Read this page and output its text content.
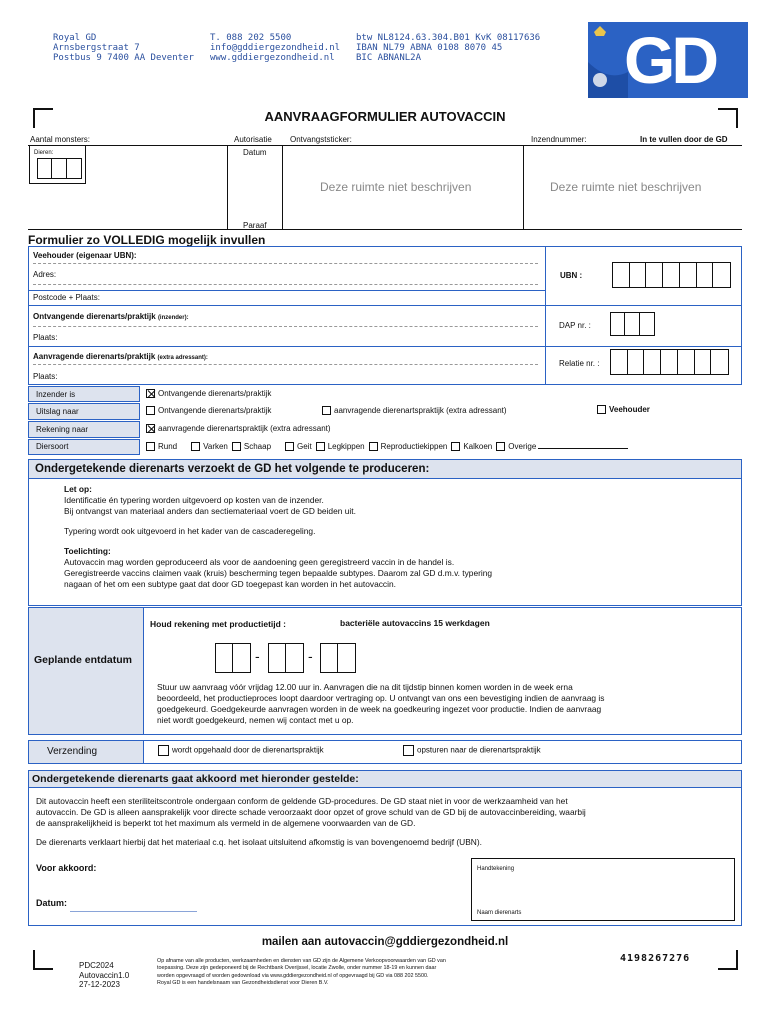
Royal GD
Arnsbergstraat 7
Postbus 9 7400 AA Deventer
T. 088 202 5500
info@gddiergezondheid.nl
www.gddiergezondheid.nl
btw NL8124.63.304.B01 KvK 08117636
IBAN NL79 ABNA 0108 8070 45
BIC ABNANL2A	GD
AANVRAAGFORMULIER AUTOVACCIN
Aantal monsters:	Autorisatie Ontvangststicker:	Inzendnummer:	In te vullen door de GD
Dieren:	Datum
Paraaf
Deze ruimte niet beschrijven	Deze ruimte niet beschrijven
Formulier zo VOLLEDIG mogelijk invullen
Veehouder (eigenaar UBN):
Adres:	UBN :
Postcode + Plaats:
Ontvangende dierenarts/praktijk (inzender):
Plaats:
DAP nr. :
Aanvragende dierenarts/praktijk (extra adressant):
Plaats:
Relatie nr. :
Inzender is	Ontvangende dierenarts/praktijk
Uitslag naar	Ontvangende dierenarts/praktijk	aanvragende dierenartspraktijk (extra adressant)	Veehouder
Rekening naar	aanvragende dierenartspraktijk (extra adressant)
Diersoort	Rund	Varken	Schaap	Geit	Legkippen	Reproductiekippen	Kalkoen	Overige
Ondergetekende dierenarts verzoekt de GD het volgende te produceren:
Let op:
Identificatie én typering worden uitgevoerd op kosten van de inzender.
Bij ontvangst van materiaal anders dan sectiemateriaal voert de GD beiden uit.
Typering wordt ook uitgevoerd in het kader van de cascaderegeling.
Toelichting:
Autovaccin mag worden geproduceerd als voor de aandoening geen geregistreerd vaccin in de handel is.
Geregistreerde vaccins claimen vaak (kruis) bescherming tegen bepaalde subtypes. Daarom zal GD d.m.v. typering
nagaan of het om een subtype gaat dat door GD toegepast kan worden in het autovaccin.
Geplande entdatum
Houd rekening met productietijd :	bacteriële autovaccins 15 werkdagen
-	-
Stuur uw aanvraag vóór vrijdag 12.00 uur in. Aanvragen die na dit tijdstip binnen komen worden in de week erna
beoordeeld, het productieproces loopt daardoor vertraging op. U ontvangt van ons een bevestiging indien de aanvraag is
goedgekeurd. Goedgekeurde aanvragen worden in de week na goedkeuring ingezet voor productie. Indien de aanvraag
niet wordt goedgekeurd, nemen wij contact met u op.
Verzending	wordt opgehaald door de dierenartspraktijk	opsturen naar de dierenartspraktijk
Ondergetekende dierenarts gaat akkoord met hieronder gestelde:
Dit autovaccin heeft een steriliteitscontrole ondergaan conform de geldende GD-procedures. De GD staat niet in voor de werkzaamheid van het
autovaccin. De GD is alleen aansprakelijk voor directe schade veroorzaakt door opzet of grove schuld van de GD bij de autovaccinbereiding, waarbij
de aansprakelijkheid is beperkt tot het maximum als vermeld in de algemene voorwaarden van de GD.
De dierenarts verklaart hierbij dat het materiaal c.q. het isolaat uitsluitend afkomstig is van bovengenoemd bedrijf (UBN).
Voor akkoord:
Datum:
Handtekening
Naam dierenarts
mailen aan autovaccin@gddiergezondheid.nl
PDC2024
Autovaccin1.0
27-12-2023
Op afname van alle producten, werkzaamheden en diensten van GD zijn de Algemene Verkoopvoorwaarden van GD van
toepassing. Deze zijn gedeponeerd bij de Rechtbank Overijssel, locatie Zwolle, onder nummer 18-19 en kunnen daar
worden opgevraagd of worden gedownload via www.gddiergezondheid.nl of opgevraagd bij GD via 088 202 5500.
Royal GD is een handelsnaam van Gezondheidsdienst voor Dieren B.V.
4198267276
